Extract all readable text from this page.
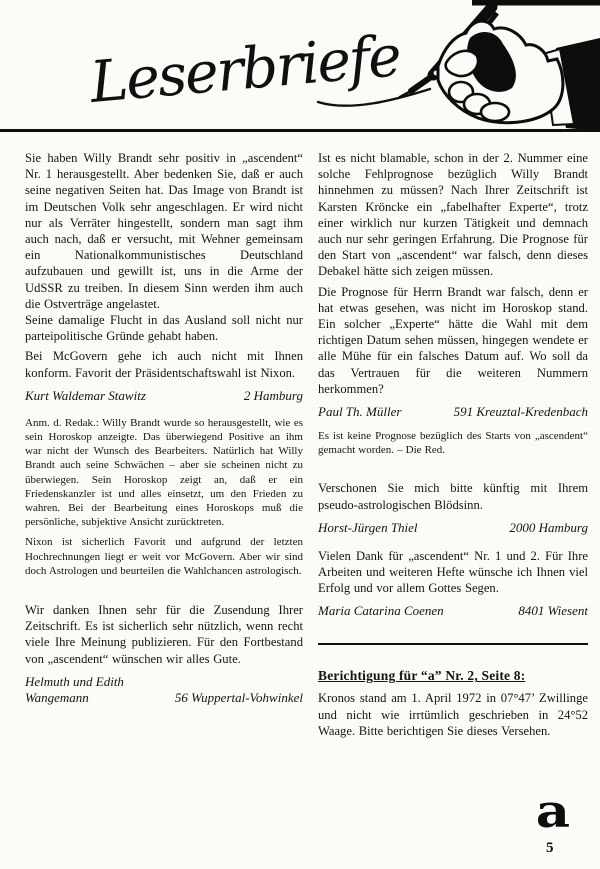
Leserbriefe

Sie haben Willy Brandt sehr positiv in „ascendent“ Nr. 1 herausgestellt. Aber bedenken Sie, daß er auch seine negativen Seiten hat. Das Image von Brandt ist im Deutschen Volk sehr angeschlagen. Er wird nicht nur als Verräter hingestellt, sondern man sagt ihm auch nach, daß er versucht, mit Wehner gemeinsam ein Nationalkommunistisches Deutschland aufzubauen und gewillt ist, uns in die Arme der UdSSR zu treiben. In diesem Sinn werden ihm auch die Ostverträge angelastet.

Seine damalige Flucht in das Ausland soll nicht nur parteipolitische Gründe gehabt haben.

Bei McGovern gehe ich auch nicht mit Ihnen konform. Favorit der Präsidentschaftswahl ist Nixon.

Kurt Waldemar Stawitz	2 Hamburg

Anm. d. Redak.: Willy Brandt wurde so herausgestellt, wie es sein Horoskop anzeigte. Das überwiegend Positive an ihm war nicht der Wunsch des Bearbeiters. Natürlich hat Willy Brandt auch seine Schwächen – aber sie scheinen nicht zu überwiegen. Sein Horoskop zeigt an, daß er ein Friedenskanzler ist und alles einsetzt, um den Frieden zu wahren. Bei der Bearbeitung eines Horoskops muß die persönliche, subjektive Ansicht zurücktreten.

Nixon ist sicherlich Favorit und aufgrund der letzten Hochrechnungen liegt er weit vor McGovern. Aber wir sind doch Astrologen und beurteilen die Wahlchancen astrologisch.

Wir danken Ihnen sehr für die Zusendung Ihrer Zeitschrift. Es ist sicherlich sehr nützlich, wenn recht viele Ihre Meinung publizieren. Für den Fortbestand von „ascendent“ wünschen wir alles Gute.

Helmuth und Edith
Wangemann	56 Wuppertal-Vohwinkel

Ist es nicht blamable, schon in der 2. Nummer eine solche Fehlprognose bezüglich Willy Brandt hinnehmen zu müssen? Nach Ihrer Zeitschrift ist Karsten Kröncke ein „fabelhafter Experte“, trotz einer wirklich nur kurzen Tätigkeit und demnach auch nur sehr geringen Erfahrung. Die Prognose für den Start von „ascendent“ war falsch, denn dieses Debakel hätte sich zeigen müssen.

Die Prognose für Herrn Brandt war falsch, denn er hat etwas gesehen, was nicht im Horoskop stand. Ein solcher „Experte“ hätte die Wahl mit dem richtigen Datum sehen müssen, hingegen wendete er alle Mühe für ein falsches Datum auf. Wo soll da das Vertrauen für die weiteren Nummern herkommen?

Paul Th. Müller	591 Kreuztal-Kredenbach

Es ist keine Prognose bezüglich des Starts von „ascendent“ gemacht worden. – Die Red.

Verschonen Sie mich bitte künftig mit Ihrem pseudo-astrologischen Blödsinn.

Horst-Jürgen Thiel	2000 Hamburg

Vielen Dank für „ascendent“ Nr. 1 und 2. Für Ihre Arbeiten und weiteren Hefte wünsche ich Ihnen viel Erfolg und vor allem Gottes Segen.

Maria Catarina Coenen	8401 Wiesent

Berichtigung für “a” Nr. 2, Seite 8:

Kronos stand am 1. April 1972 in 07°47’ Zwillinge und nicht wie irrtümlich geschrieben in 24°52 Waage. Bitte berichtigen Sie dieses Versehen.

a
5
